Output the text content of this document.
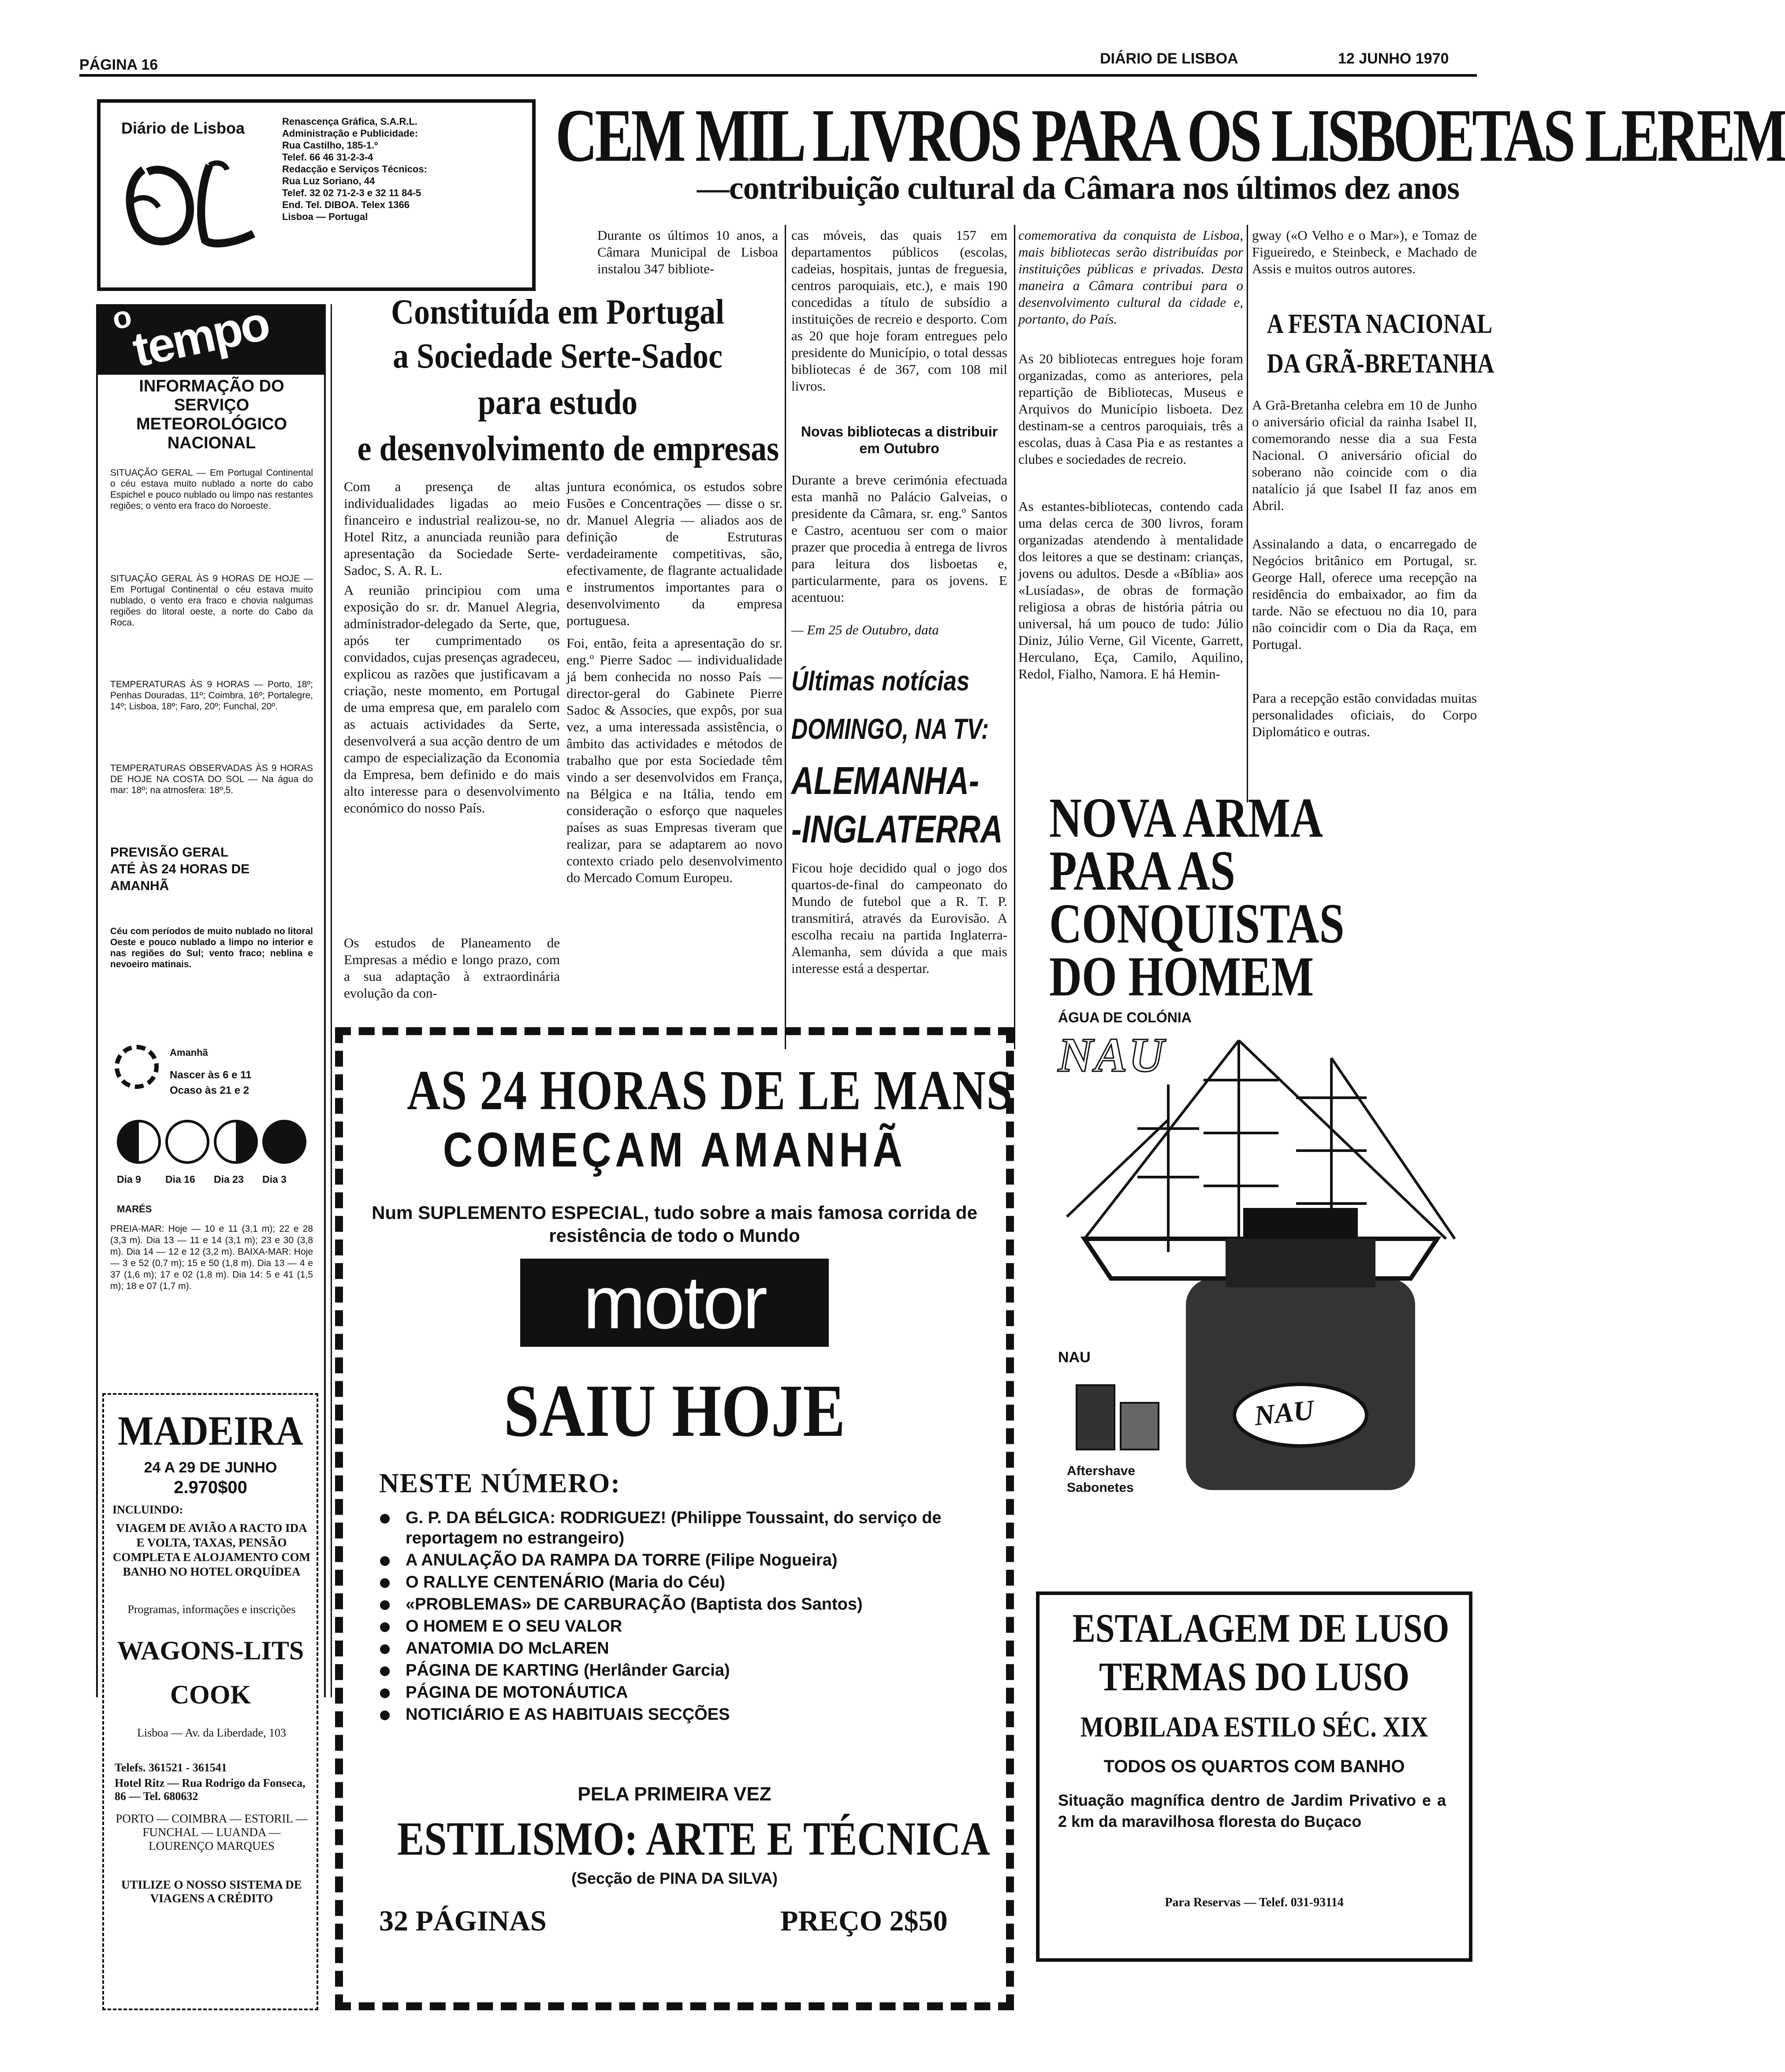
PÁGINA 16	DIÁRIO DE LISBOA	12 JUNHO 1970
Diário de Lisboa	Renascença Gráfica, S.A.R.L.
Administração e Publicidade:
Rua Castilho, 185-1.º
Telef. 66 46 31-2-3-4
Redacção e Serviços Técnicos:
Rua Luz Soriano, 44
Telef. 32 02 71-2-3 e 32 11 84-5
End. Tel. DIBOA. Telex 1366
Lisboa — Portugal
o
tempo
INFORMAÇÃO DO SERVIÇO METEOROLÓGICO NACIONAL
SITUAÇÃO GERAL — Em Portugal Continental o céu estava muito nublado a norte do cabo Espichel e pouco nublado ou limpo nas restantes regiões; o vento era fraco do Noroeste.
SITUAÇÃO GERAL ÀS 9 HORAS DE HOJE — Em Portugal Continental o céu estava muito nublado, o vento era fraco e chovia nalgumas regiões do litoral oeste, a norte do Cabo da Roca.
TEMPERATURAS ÀS 9 HORAS — Porto, 18º; Penhas Douradas, 11º; Coimbra, 16º; Portalegre, 14º; Lisboa, 18º; Faro, 20º; Funchal, 20º.
TEMPERATURAS OBSERVADAS ÀS 9 HORAS DE HOJE NA COSTA DO SOL — Na água do mar: 18º; na atmosfera: 18º,5.
PREVISÃO GERAL ATÉ ÀS 24 HORAS DE AMANHÃ
Céu com períodos de muito nublado no litoral Oeste e pouco nublado a limpo no interior e nas regiões do Sul; vento fraco; neblina e nevoeiro matinais.
Amanhã
Nascer às 6 e 11
Ocaso às 21 e 2
Dia 9	Dia 16	Dia 23	Dia 3
MARÉS
PREIA-MAR: Hoje — 10 e 11 (3,1 m); 22 e 28 (3,3 m). Dia 13 — 11 e 14 (3,1 m); 23 e 30 (3,8 m). Dia 14 — 12 e 12 (3,2 m). BAIXA-MAR: Hoje — 3 e 52 (0,7 m); 15 e 50 (1,8 m). Dia 13 — 4 e 37 (1,6 m); 17 e 02 (1,8 m). Dia 14: 5 e 41 (1,5 m); 18 e 07 (1,7 m).
MADEIRA
24 A 29 DE JUNHO
2.970$00
INCLUINDO:
VIAGEM DE AVIÃO A RACTO IDA E VOLTA, TAXAS, PENSÃO COMPLETA E ALOJAMENTO COM BANHO NO HOTEL ORQUÍDEA
Programas, informações e inscrições
WAGONS-LITS
COOK
Lisboa — Av. da Liberdade, 103
Telefs. 361521 - 361541
Hotel Ritz — Rua Rodrigo da Fonseca, 86 — Tel. 680632
PORTO — COIMBRA — ESTORIL — FUNCHAL — LUANDA — LOURENÇO MARQUES
UTILIZE O NOSSO SISTEMA DE VIAGENS A CRÉDITO
CEM MIL LIVROS PARA OS LISBOETAS LEREM
—contribuição cultural da Câmara nos últimos dez anos
Durante os últimos 10 anos, a Câmara Municipal de Lisboa instalou 347 bibliote-
cas móveis, das quais 157 em departamentos públicos (escolas, cadeias, hospitais, juntas de freguesia, centros paroquiais, etc.), e mais 190 concedidas a título de subsídio a instituições de recreio e desporto. Com as 20 que hoje foram entregues pelo presidente do Município, o total dessas bibliotecas é de 367, com 108 mil livros.
Novas bibliotecas a distribuir em Outubro
Durante a breve cerimónia efectuada esta manhã no Palácio Galveias, o presidente da Câmara, sr. eng.º Santos e Castro, acentuou ser com o maior prazer que procedia à entrega de livros para leitura dos lisboetas e, particularmente, para os jovens. E acentuou:
— Em 25 de Outubro, data
comemorativa da conquista de Lisboa, mais bibliotecas serão distribuídas por instituições públicas e privadas. Desta maneira a Câmara contribui para o desenvolvimento cultural da cidade e, portanto, do País.
As 20 bibliotecas entregues hoje foram organizadas, como as anteriores, pela repartição de Bibliotecas, Museus e Arquivos do Município lisboeta. Dez destinam-se a centros paroquiais, três a escolas, duas à Casa Pia e as restantes a clubes e sociedades de recreio.
As estantes-bibliotecas, contendo cada uma delas cerca de 300 livros, foram organizadas atendendo à mentalidade dos leitores a que se destinam: crianças, jovens ou adultos. Desde a «Bíblia» aos «Lusíadas», de obras de formação religiosa a obras de história pátria ou universal, há um pouco de tudo: Júlio Diniz, Júlio Verne, Gil Vicente, Garrett, Herculano, Eça, Camilo, Aquilino, Redol, Fialho, Namora. E há Hemin-
gway («O Velho e o Mar»), e Tomaz de Figueiredo, e Steinbeck, e Machado de Assis e muitos outros autores.
Constituída em Portugal
a Sociedade Serte-Sadoc
para estudo
e desenvolvimento de empresas
Com a presença de altas individualidades ligadas ao meio financeiro e industrial realizou-se, no Hotel Ritz, a anunciada reunião para apresentação da Sociedade Serte-Sadoc, S. A. R. L.
A reunião principiou com uma exposição do sr. dr. Manuel Alegria, administrador-delegado da Serte, que, após ter cumprimentado os convidados, cujas presenças agradeceu, explicou as razões que justificavam a criação, neste momento, em Portugal de uma empresa que, em paralelo com as actuais actividades da Serte, desenvolverá a sua acção dentro de um campo de especialização da Economia da Empresa, bem definido e do mais alto interesse para o desenvolvimento económico do nosso País.
Os estudos de Planeamento de Empresas a médio e longo prazo, com a sua adaptação à extraordinária evolução da con-
juntura económica, os estudos sobre Fusões e Concentrações — disse o sr. dr. Manuel Alegria — aliados aos de definição de Estruturas verdadeiramente competitivas, são, efectivamente, de flagrante actualidade e instrumentos importantes para o desenvolvimento da empresa portuguesa.
Foi, então, feita a apresentação do sr. eng.º Pierre Sadoc — individualidade já bem conhecida no nosso País — director-geral do Gabinete Pierre Sadoc & Associes, que expôs, por sua vez, a uma interessada assistência, o âmbito das actividades e métodos de trabalho que por esta Sociedade têm vindo a ser desenvolvidos em França, na Bélgica e na Itália, tendo em consideração o esforço que naqueles países as suas Empresas tiveram que realizar, para se adaptarem ao novo contexto criado pelo desenvolvimento do Mercado Comum Europeu.
Últimas notícias
DOMINGO, NA TV:
ALEMANHA-
-INGLATERRA
Ficou hoje decidido qual o jogo dos quartos-de-final do campeonato do Mundo de futebol que a R. T. P. transmitirá, através da Eurovisão. A escolha recaiu na partida Inglaterra-Alemanha, sem dúvida a que mais interesse está a despertar.
A FESTA NACIONAL
DA GRÃ-BRETANHA
A Grã-Bretanha celebra em 10 de Junho o aniversário oficial da rainha Isabel II, comemorando nesse dia a sua Festa Nacional. O aniversário oficial do soberano não coincide com o dia natalício já que Isabel II faz anos em Abril.
Assinalando a data, o encarregado de Negócios britânico em Portugal, sr. George Hall, oferece uma recepção na residência do embaixador, ao fim da tarde. Não se efectuou no dia 10, para não coincidir com o Dia da Raça, em Portugal.
Para a recepção estão convidadas muitas personalidades oficiais, do Corpo Diplomático e outras.
NOVA ARMA
PARA AS
CONQUISTAS
DO HOMEM
ÁGUA DE COLÓNIA
NAU
NAU
NAU
Aftershave
Sabonetes
AS 24 HORAS DE LE MANS
COMEÇAM AMANHÃ
Num SUPLEMENTO ESPECIAL, tudo sobre a mais famosa corrida de resistência de todo o Mundo
motor
SAIU HOJE
NESTE NÚMERO:
G. P. DA BÉLGICA: RODRIGUEZ! (Philippe Toussaint, do serviço de reportagem no estrangeiro)
A ANULAÇÃO DA RAMPA DA TORRE (Filipe Nogueira)
O RALLYE CENTENÁRIO (Maria do Céu)
«PROBLEMAS» DE CARBURAÇÃO (Baptista dos Santos)
O HOMEM E O SEU VALOR
ANATOMIA DO McLAREN
PÁGINA DE KARTING (Herlânder Garcia)
PÁGINA DE MOTONÁUTICA
NOTICIÁRIO E AS HABITUAIS SECÇÕES
PELA PRIMEIRA VEZ
ESTILISMO: ARTE E TÉCNICA
(Secção de PINA DA SILVA)
32 PÁGINAS	PREÇO 2$50
ESTALAGEM DE LUSO
TERMAS DO LUSO
MOBILADA ESTILO SÉC. XIX
TODOS OS QUARTOS COM BANHO
Situação magnífica dentro de Jardim Privativo e a 2 km da maravilhosa floresta do Buçaco
Para Reservas — Telef. 031-93114
